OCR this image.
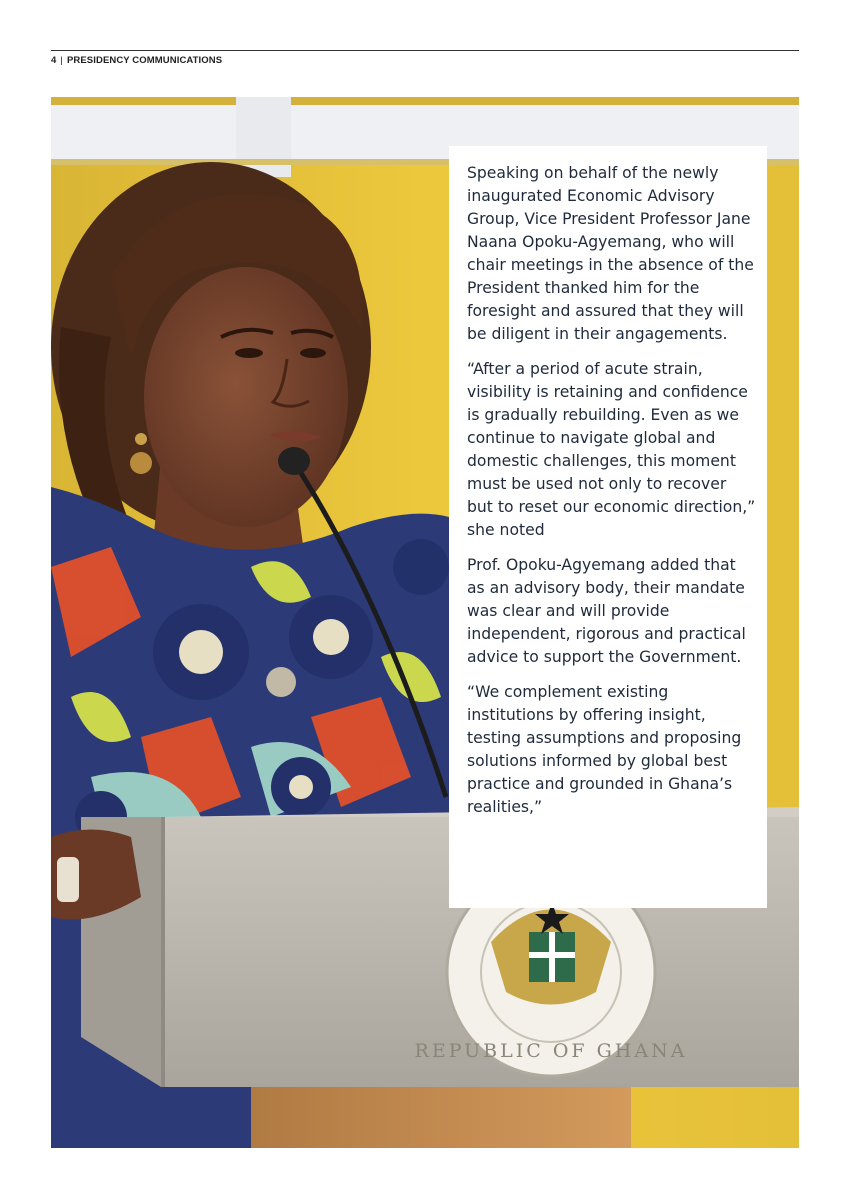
4 | PRESIDENCY COMMUNICATIONS
REPUBLIC OF GHANA

Speaking on behalf of the newly inaugurated Economic Advisory Group, Vice President Professor Jane Naana Opoku-Agyemang, who will chair meetings in the absence of the President thanked him for the foresight and assured that they will be diligent in their angagements.

“After a period of acute strain, visibility is retaining and confidence is gradually rebuilding. Even as we continue to navigate global and domestic challenges, this moment must be used not only to recover but to reset our economic direction,” she noted

Prof. Opoku-Agyemang added that as an advisory body, their mandate was clear and will provide independent, rigorous and practical advice to support the Government.

“We complement existing institutions by offering insight, testing assumptions and proposing solutions informed by global best practice and grounded in Ghana’s realities,”
